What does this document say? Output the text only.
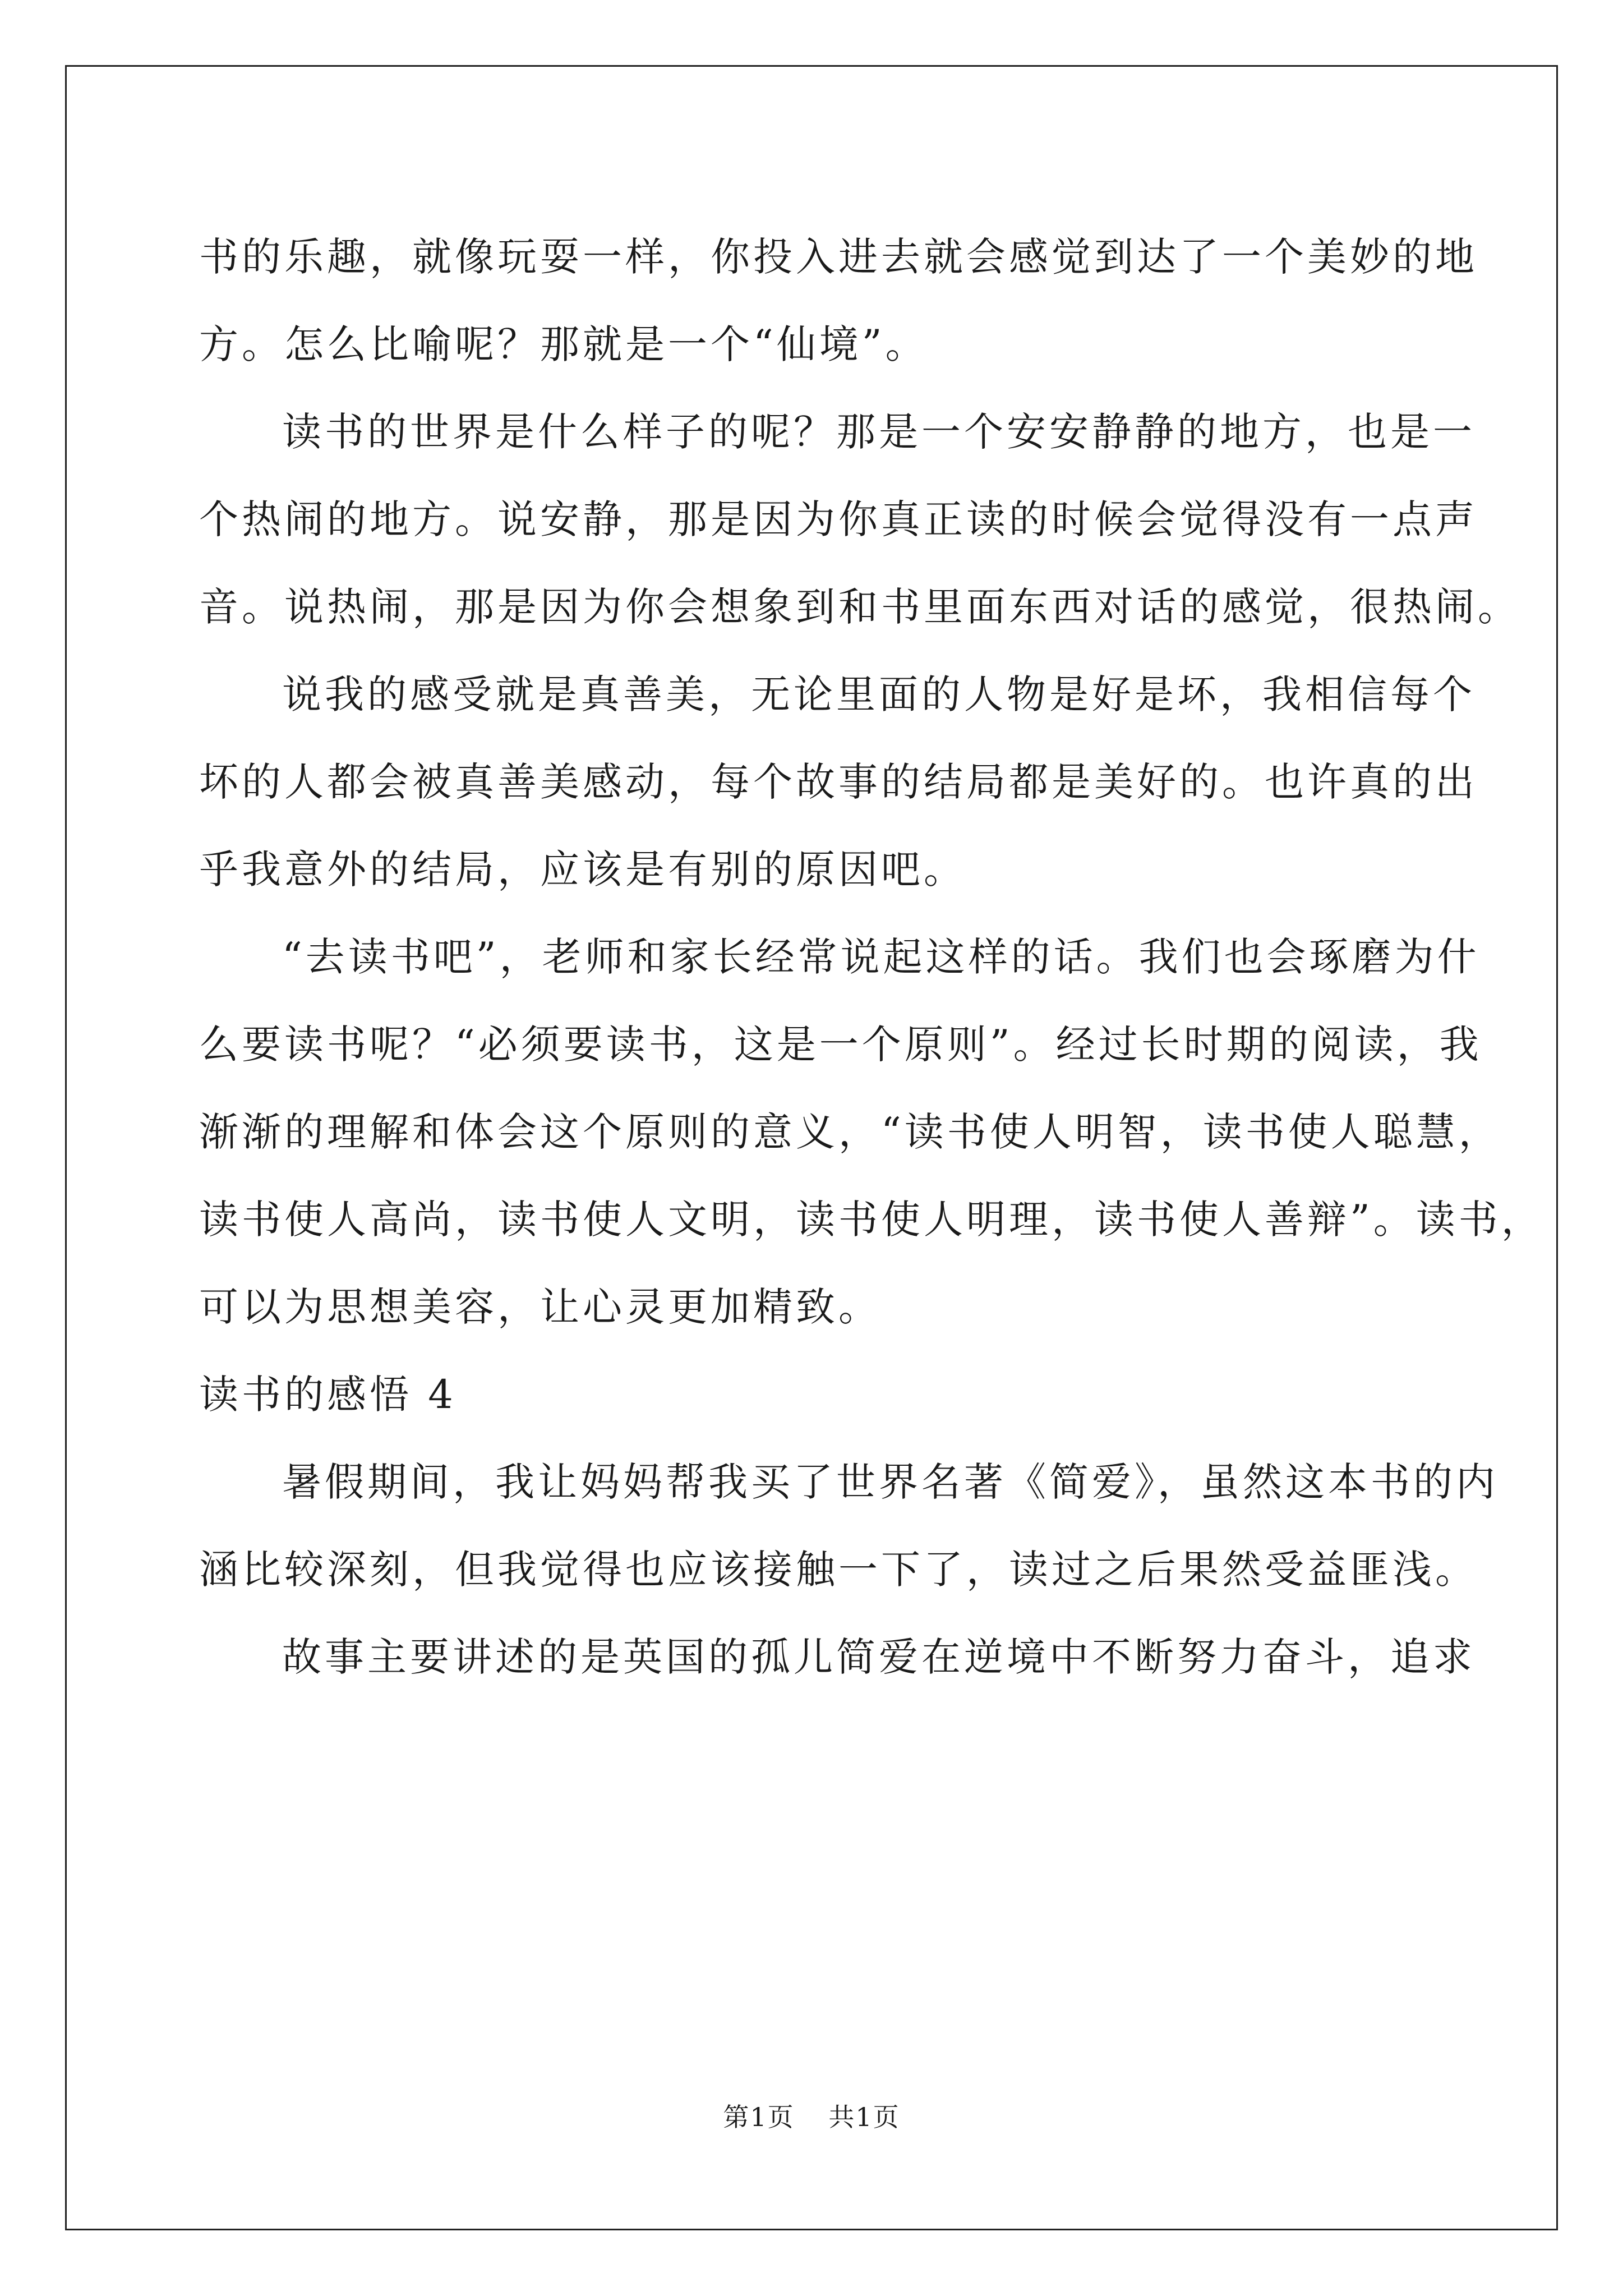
书的乐趣，就像玩耍一样，你投入进去就会感觉到达了一个美妙的地
方。怎么比喻呢？那就是一个“仙境”。
读书的世界是什么样子的呢？那是一个安安静静的地方，也是一
个热闹的地方。说安静，那是因为你真正读的时候会觉得没有一点声
音。说热闹，那是因为你会想象到和书里面东西对话的感觉，很热闹。
说我的感受就是真善美，无论里面的人物是好是坏，我相信每个
坏的人都会被真善美感动，每个故事的结局都是美好的。也许真的出
乎我意外的结局，应该是有别的原因吧。
“去读书吧”，老师和家长经常说起这样的话。我们也会琢磨为什
么要读书呢？“必须要读书，这是一个原则”。经过长时期的阅读，我
渐渐的理解和体会这个原则的意义，“读书使人明智，读书使人聪慧，
读书使人高尚，读书使人文明，读书使人明理，读书使人善辩”。读书，
可以为思想美容，让心灵更加精致。
读书的感悟 4
暑假期间，我让妈妈帮我买了世界名著《简爱》，虽然这本书的内
涵比较深刻，但我觉得也应该接触一下了，读过之后果然受益匪浅。
故事主要讲述的是英国的孤儿简爱在逆境中不断努力奋斗，追求
第1页 共1页
